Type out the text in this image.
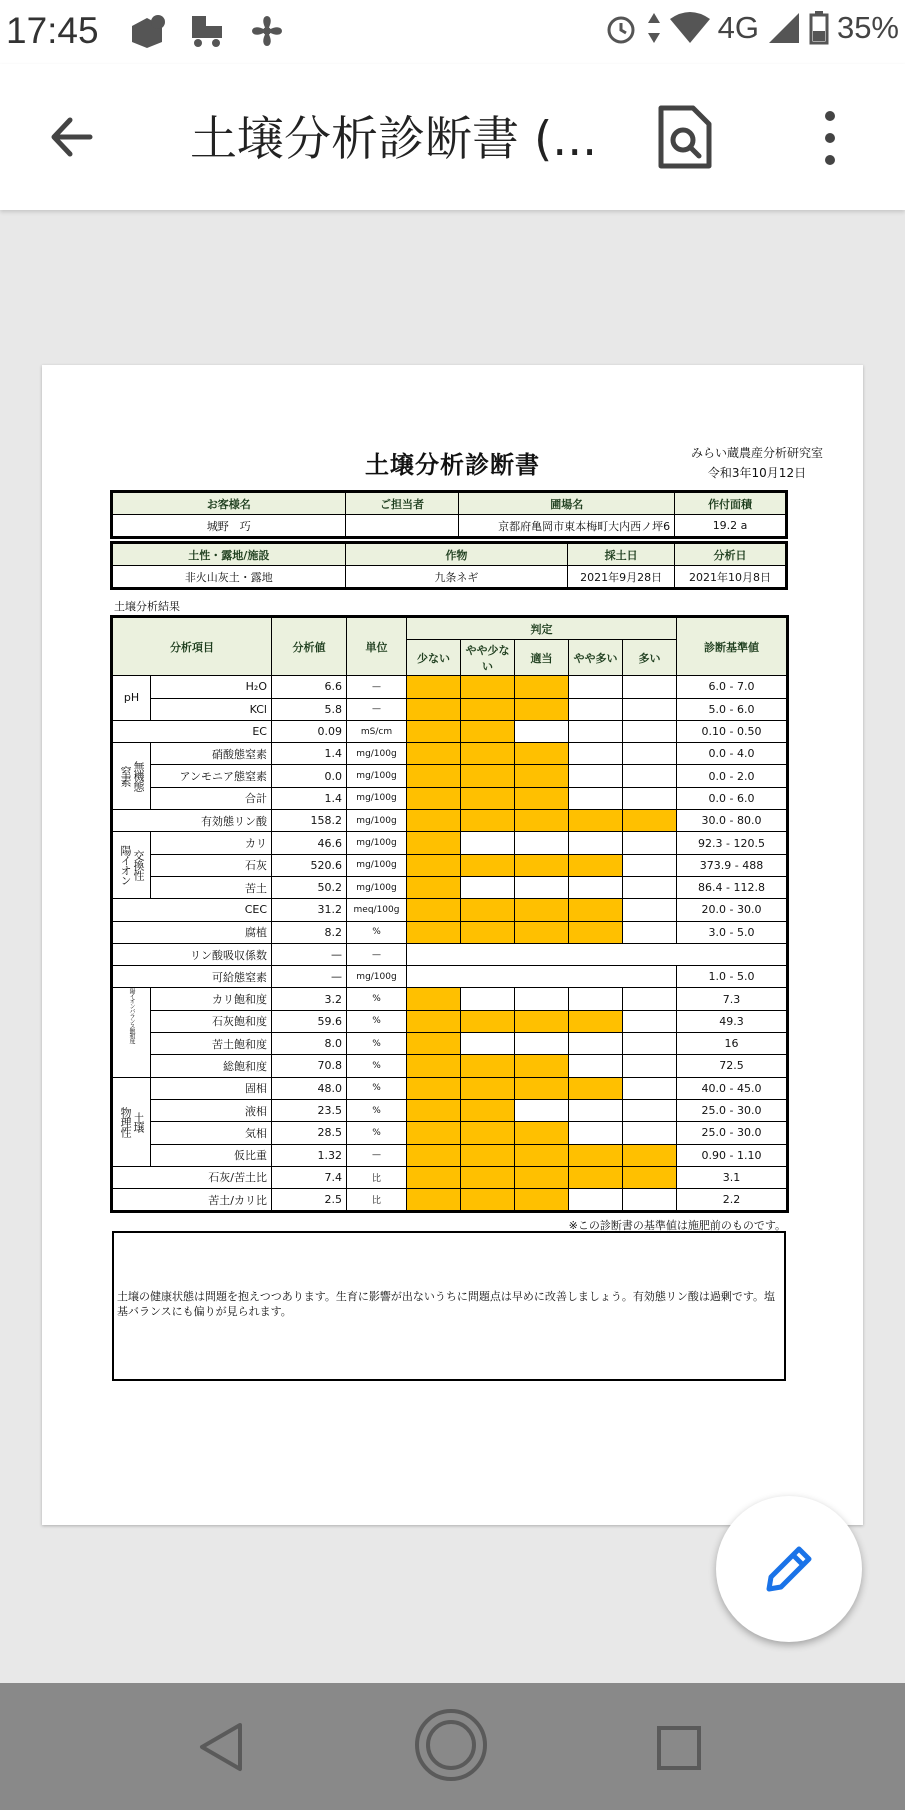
17:45	4G	35%
土壌分析診断書 (...
みらい蔵農産分析研究室
令和3年10月12日
土壌分析診断書
お客様名	ご担当者	圃場名	作付面積
城野　巧		京都府亀岡市東本梅町大内西ノ坪6	19.2 a
土性・露地/施設	作物	採土日	分析日
非火山灰土・露地	九条ネギ	2021年9月28日	2021年10月8日
土壌分析結果
分析項目		分析値	単位	判定					診断基準値
				少ない	やや少ない	適当	やや多い	多い	
pH	H₂O	6.6	—						6.0 - 7.0
	KCl	5.8	—						5.0 - 6.0
EC		0.09	mS/cm						0.10 - 0.50

窒素 無機態	硝酸態窒素	1.4	mg/100g						0.0 - 4.0
	アンモニア態窒素	0.0	mg/100g						0.0 - 2.0
	合計	1.4	mg/100g						0.0 - 6.0
有効態リン酸		158.2	mg/100g						30.0 - 80.0

陽イオン 交換性	カリ	46.6	mg/100g						92.3 - 120.5
	石灰	520.6	mg/100g						373.9 - 488
	苦土	50.2	mg/100g						86.4 - 112.8
CEC		31.2	meq/100g						20.0 - 30.0
腐植		8.2	%						3.0 - 5.0
リン酸吸収係数		—	—						
可給態窒素		—	mg/100g						1.0 - 5.0
陽イオンバランス飽和度	カリ飽和度	3.2	%						7.3
	石灰飽和度	59.6	%						49.3
	苦土飽和度	8.0	%						16
	総飽和度	70.8	%						72.5

物理性 土壌	固相	48.0	%						40.0 - 45.0
	液相	23.5	%						25.0 - 30.0
	気相	28.5	%						25.0 - 30.0
	仮比重	1.32	—						0.90 - 1.10
石灰/苦土比		7.4	比						3.1
苦土/カリ比		2.5	比						2.2
※この診断書の基準値は施肥前のものです。
土壌の健康状態は問題を抱えつつあります。生育に影響が出ないうちに問題点は早めに改善しましょう。有効態リン酸は過剰です。塩基バランスにも偏りが見られます。
